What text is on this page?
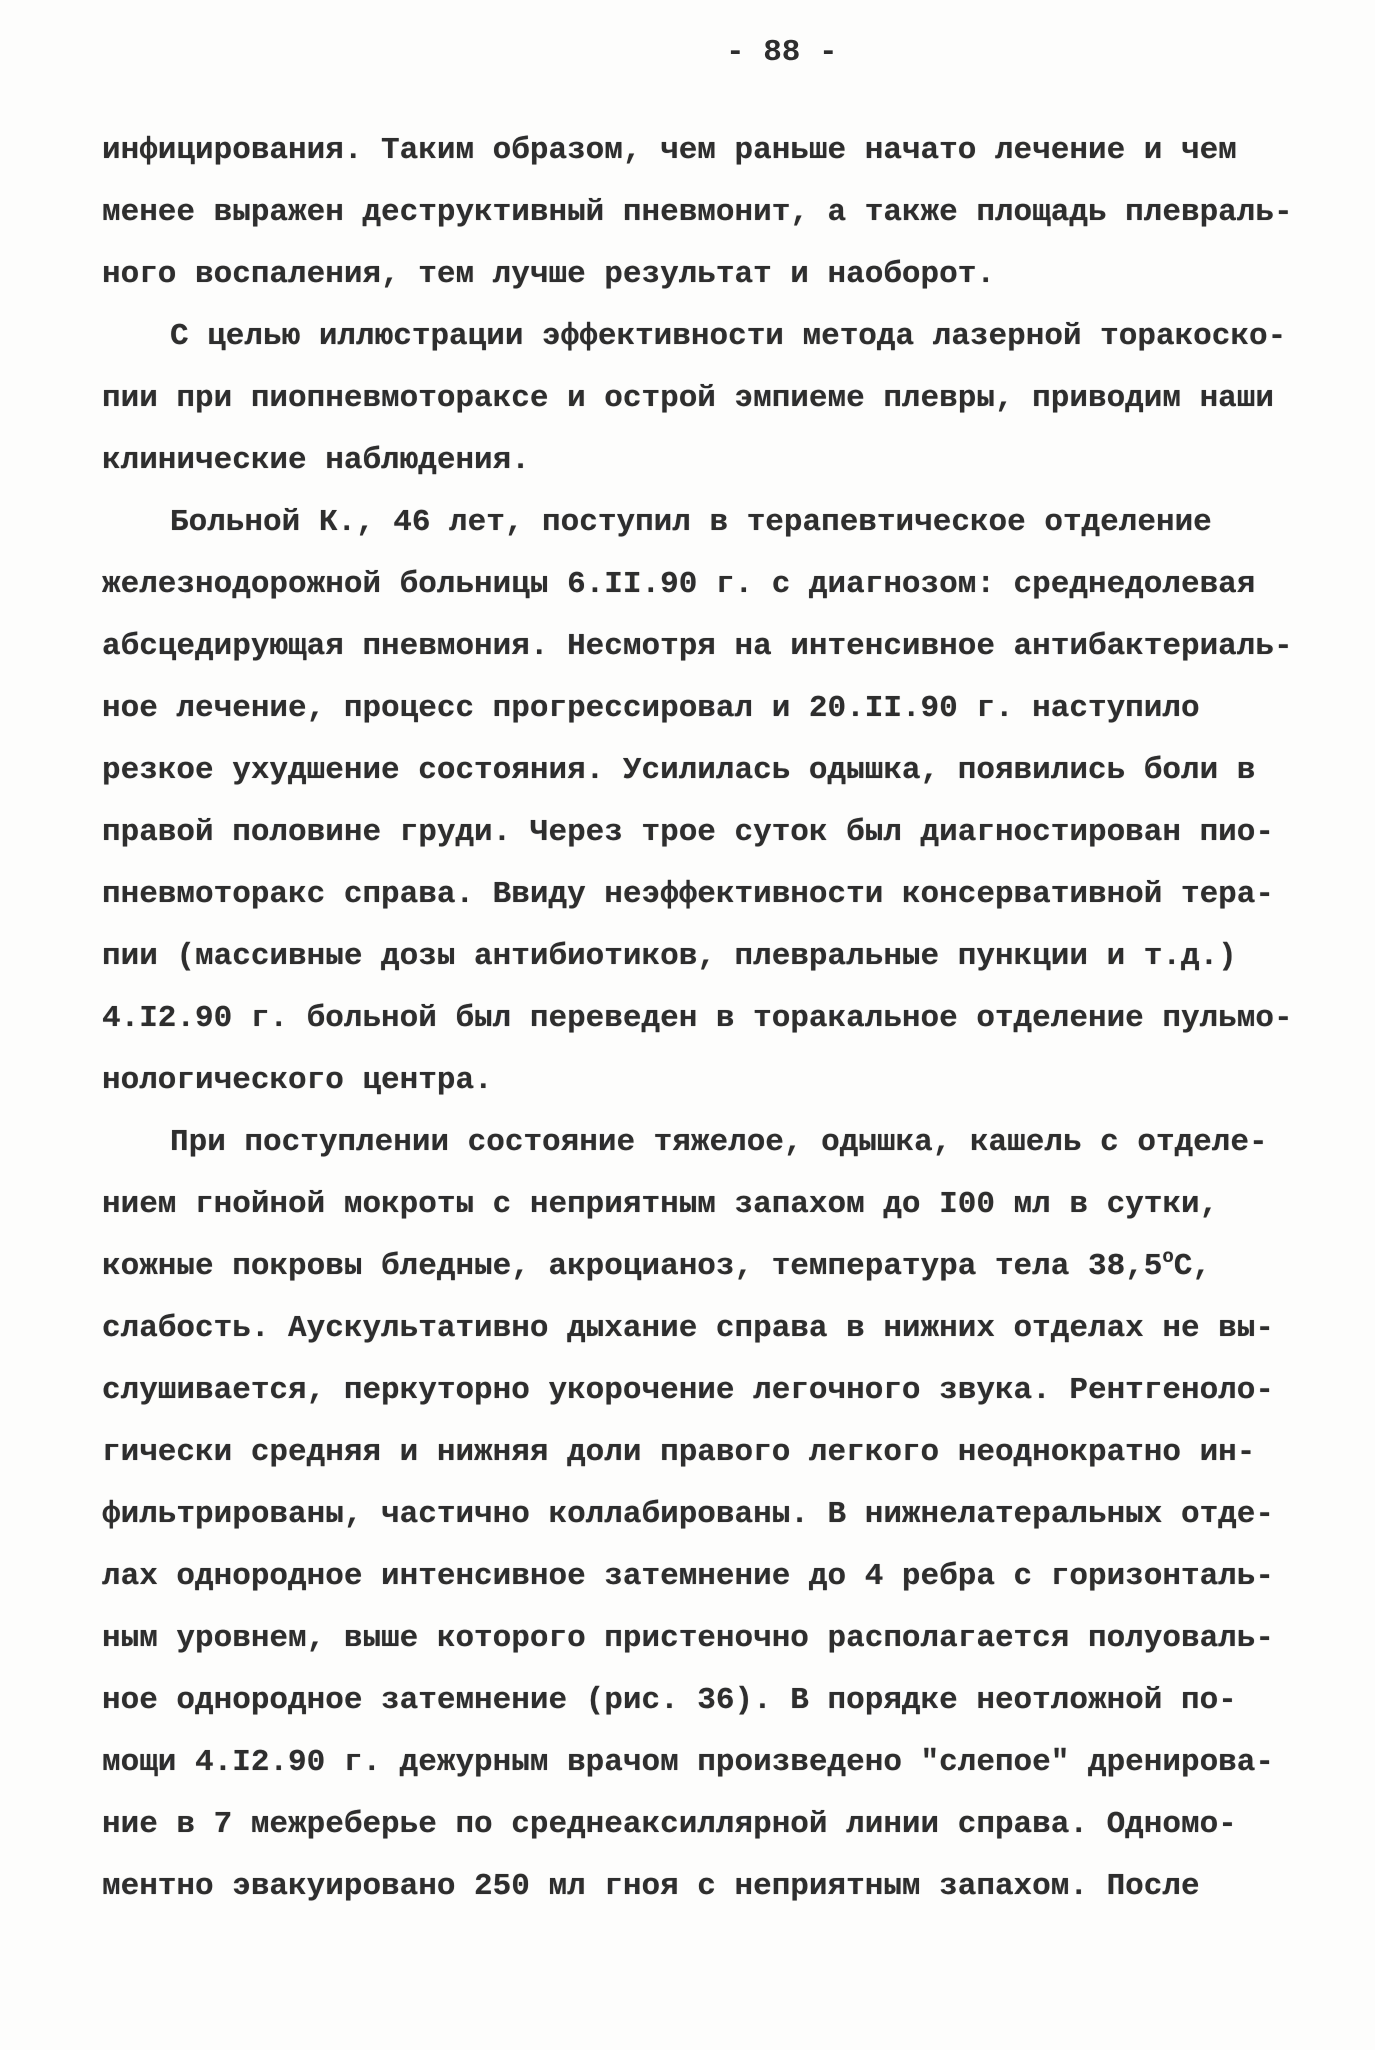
- 88 -
инфицирования. Таким образом, чем раньше начато лечение и чем
менее выражен деструктивный пневмонит, а также площадь плевраль-
ного воспаления, тем лучше результат и наоборот.
С целью иллюстрации эффективности метода лазерной торакоско-
пии при пиопневмотораксе и острой эмпиеме плевры, приводим наши
клинические наблюдения.
Больной К., 46 лет, поступил в терапевтическое отделение
железнодорожной больницы 6.II.90 г. с диагнозом: среднедолевая
абсцедирующая пневмония. Несмотря на интенсивное антибактериаль-
ное лечение, процесс прогрессировал и 20.II.90 г. наступило
резкое ухудшение состояния. Усилилась одышка, появились боли в
правой половине груди. Через трое суток был диагностирован пио-
пневмоторакс справа. Ввиду неэффективности консервативной тера-
пии (массивные дозы антибиотиков, плевральные пункции и т.д.)
4.I2.90 г. больной был переведен в торакальное отделение пульмо-
нологического центра.
При поступлении состояние тяжелое, одышка, кашель с отделе-
нием гнойной мокроты с неприятным запахом до I00 мл в сутки,
кожные покровы бледные, акроцианоз, температура тела $38,5^оС$,
слабость. Аускультативно дыхание справа в нижних отделах не вы-
слушивается, перкуторно укорочение легочного звука. Рентгеноло-
гически средняя и нижняя доли правого легкого неоднократно ин-
фильтрированы, частично коллабированы. В нижнелатеральных отде-
лах однородное интенсивное затемнение до 4 ребра с горизонталь-
ным уровнем, выше которого пристеночно располагается полуоваль-
ное однородное затемнение (рис. 36). В порядке неотложной по-
мощи 4.I2.90 г. дежурным врачом произведено "слепое" дренирова-
ние в 7 межреберье по среднеаксиллярной линии справа. Одномо-
ментно эвакуировано 250 мл гноя с неприятным запахом. После
